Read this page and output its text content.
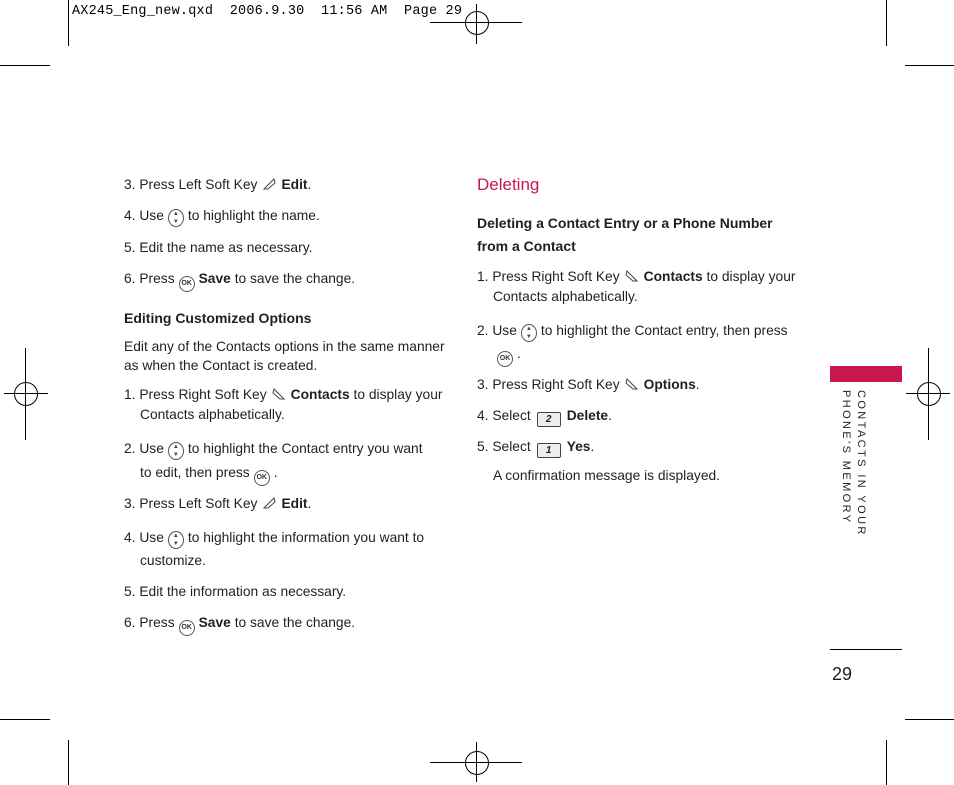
AX245_Eng_new.qxd  2006.9.30  11:56 AM  Page 29

3. Press Left Soft Key Edit.

4. Use ▲
▼ to highlight the name.

5. Edit the name as necessary.

6. Press OK Save to save the change.

Editing Customized Options

Edit any of the Contacts options in the same manner

as when the Contact is created.

1. Press Right Soft Key Contacts to display your

Contacts alphabetically.

2. Use ▲
▼ to highlight the Contact entry you want

to edit, then press OK .

3. Press Left Soft Key Edit.

4. Use ▲
▼ to highlight the information you want to

customize.

5. Edit the information as necessary.

6. Press OK Save to save the change.

Deleting

Deleting a Contact Entry or a Phone Number

from a Contact

1. Press Right Soft Key Contacts to display your

Contacts alphabetically.

2. Use ▲
▼ to highlight the Contact entry, then press

OK .

3. Press Right Soft Key Options.

4. Select 2 Delete.

5. Select 1 Yes.

A confirmation message is displayed.	CONTACTS IN YOUR
PHONE'S MEMORY
29
